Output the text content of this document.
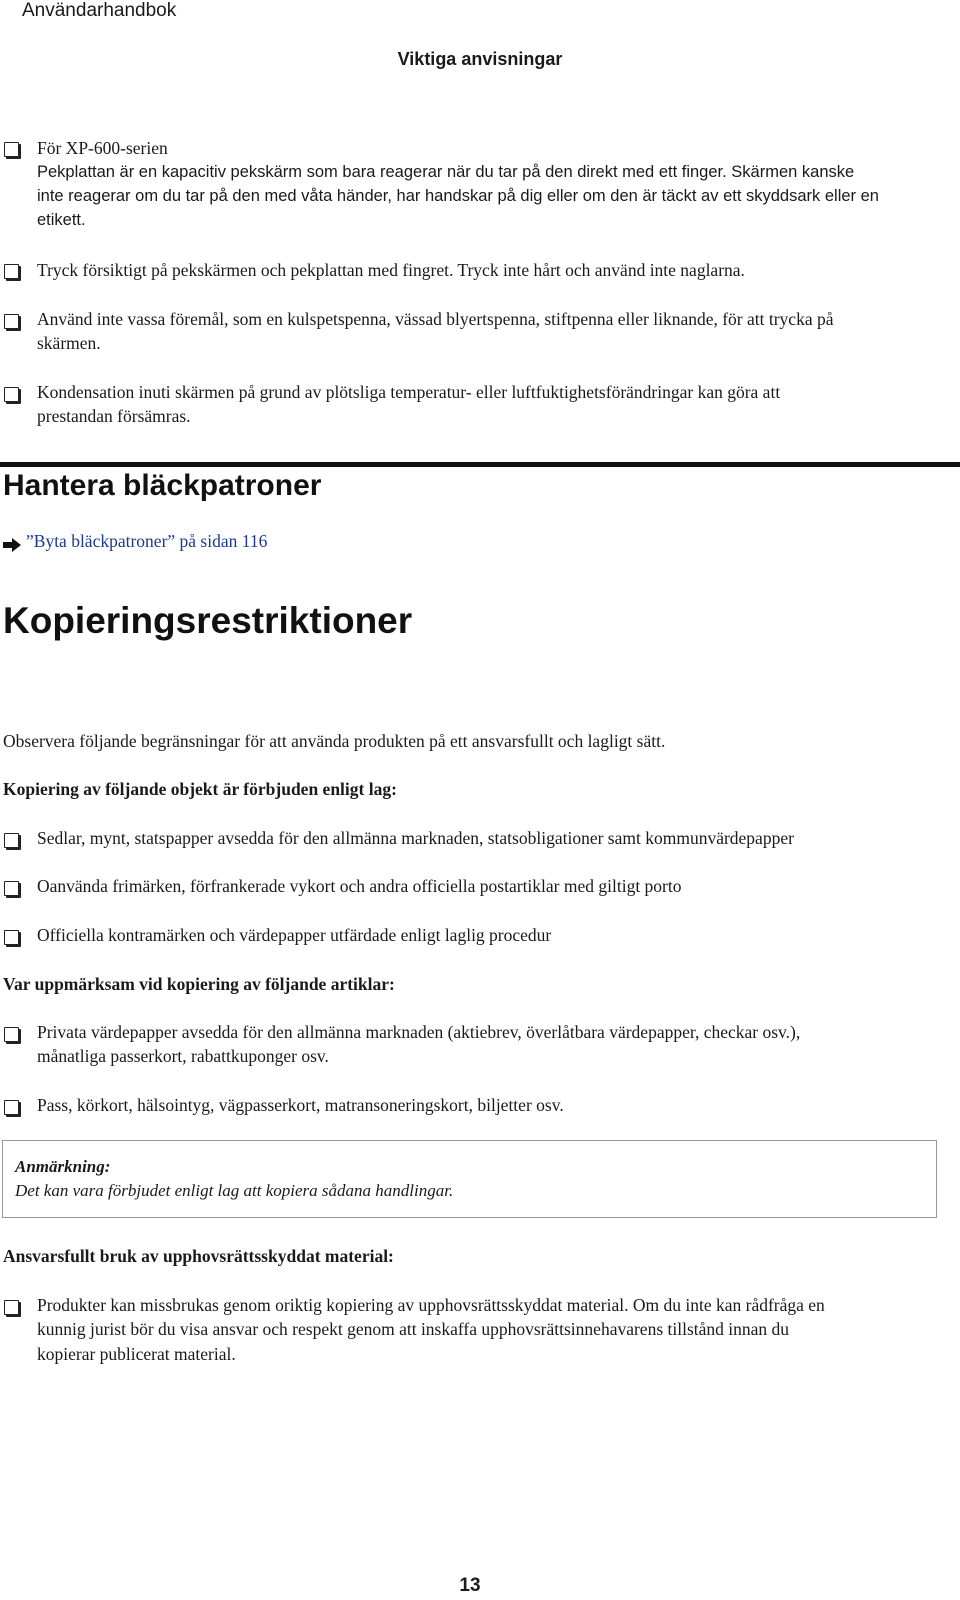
Användarhandbok
Viktiga anvisningar
För XP-600-serien
Pekplattan är en kapacitiv pekskärm som bara reagerar när du tar på den direkt med ett finger. Skärmen kanske
inte reagerar om du tar på den med våta händer, har handskar på dig eller om den är täckt av ett skyddsark eller en
etikett.
Tryck försiktigt på pekskärmen och pekplattan med fingret. Tryck inte hårt och använd inte naglarna.
Använd inte vassa föremål, som en kulspetspenna, vässad blyertspenna, stiftpenna eller liknande, för att trycka på
skärmen.
Kondensation inuti skärmen på grund av plötsliga temperatur- eller luftfuktighetsförändringar kan göra att
prestandan försämras.
Hantera bläckpatroner
”Byta bläckpatroner” på sidan 116
Kopieringsrestriktioner
Observera följande begränsningar för att använda produkten på ett ansvarsfullt och lagligt sätt.
Kopiering av följande objekt är förbjuden enligt lag:
Sedlar, mynt, statspapper avsedda för den allmänna marknaden, statsobligationer samt kommunvärdepapper
Oanvända frimärken, förfrankerade vykort och andra officiella postartiklar med giltigt porto
Officiella kontramärken och värdepapper utfärdade enligt laglig procedur
Var uppmärksam vid kopiering av följande artiklar:
Privata värdepapper avsedda för den allmänna marknaden (aktiebrev, överlåtbara värdepapper, checkar osv.),
månatliga passerkort, rabattkuponger osv.
Pass, körkort, hälsointyg, vägpasserkort, matransoneringskort, biljetter osv.
Anmärkning:
Det kan vara förbjudet enligt lag att kopiera sådana handlingar.
Ansvarsfullt bruk av upphovsrättsskyddat material:
Produkter kan missbrukas genom oriktig kopiering av upphovsrättsskyddat material. Om du inte kan rådfråga en
kunnig jurist bör du visa ansvar och respekt genom att inskaffa upphovsrättsinnehavarens tillstånd innan du
kopierar publicerat material.
13
